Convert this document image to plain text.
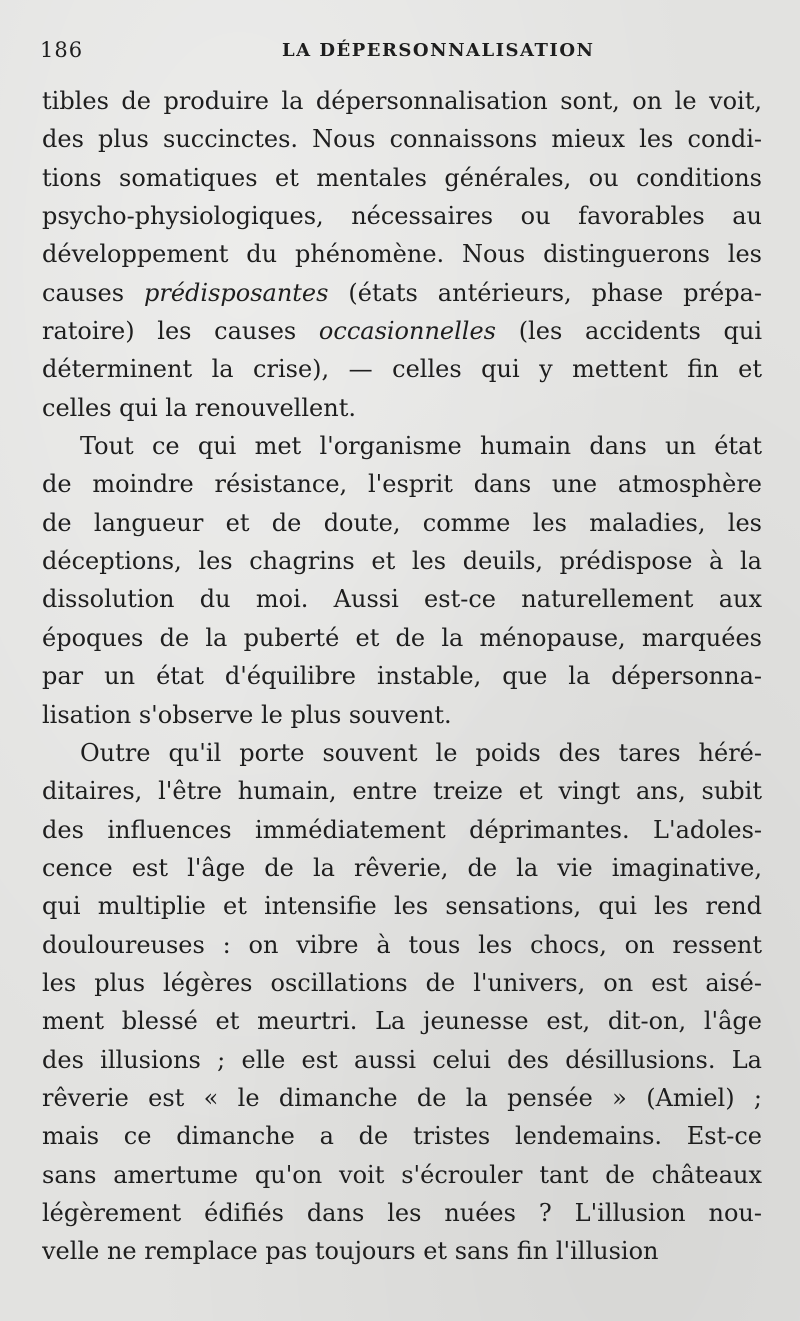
186	LA DÉPERSONNALISATION
tibles de produire la dépersonnalisation sont, on le voit,
des plus succinctes. Nous connaissons mieux les condi-
tions somatiques et mentales générales, ou conditions
psycho-physiologiques, nécessaires ou favorables au
développement du phénomène. Nous distinguerons les
causes prédisposantes (états antérieurs, phase prépa-
ratoire) les causes occasionnelles (les accidents qui
déterminent la crise), — celles qui y mettent fin et
celles qui la renouvellent.
Tout ce qui met l'organisme humain dans un état
de moindre résistance, l'esprit dans une atmosphère
de langueur et de doute, comme les maladies, les
déceptions, les chagrins et les deuils, prédispose à la
dissolution du moi. Aussi est-ce naturellement aux
époques de la puberté et de la ménopause, marquées
par un état d'équilibre instable, que la dépersonna-
lisation s'observe le plus souvent.
Outre qu'il porte souvent le poids des tares héré-
ditaires, l'être humain, entre treize et vingt ans, subit
des influences immédiatement déprimantes. L'adoles-
cence est l'âge de la rêverie, de la vie imaginative,
qui multiplie et intensifie les sensations, qui les rend
douloureuses : on vibre à tous les chocs, on ressent
les plus légères oscillations de l'univers, on est aisé-
ment blessé et meurtri. La jeunesse est, dit-on, l'âge
des illusions ; elle est aussi celui des désillusions. La
rêverie est « le dimanche de la pensée » (Amiel) ;
mais ce dimanche a de tristes lendemains. Est-ce
sans amertume qu'on voit s'écrouler tant de châteaux
légèrement édifiés dans les nuées ? L'illusion nou-
velle ne remplace pas toujours et sans fin l'illusion
